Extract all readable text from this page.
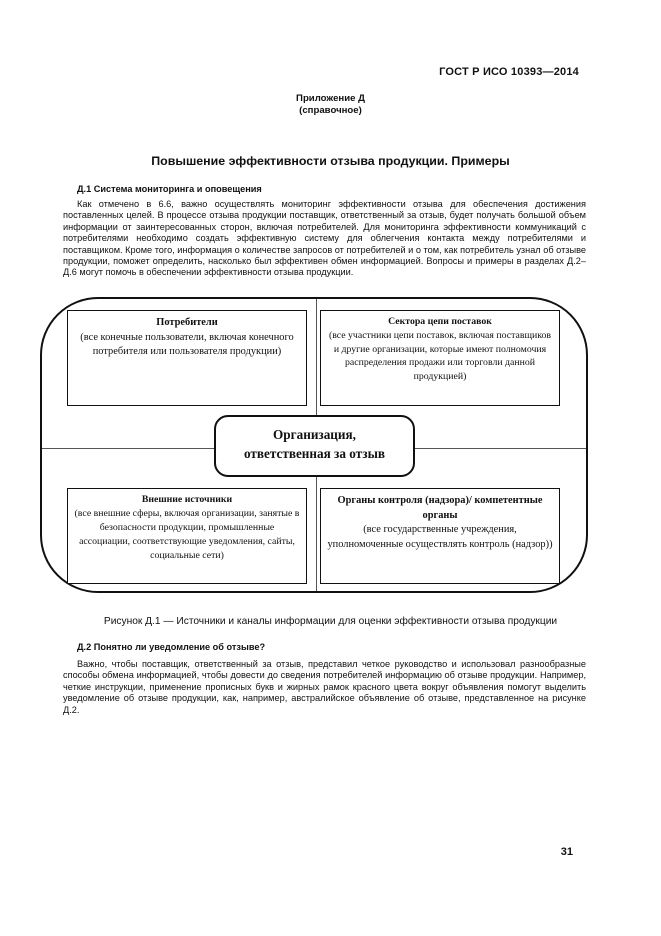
ГОСТ Р ИСО 10393—2014
Приложение Д
(справочное)
Повышение эффективности отзыва продукции. Примеры
Д.1 Система мониторинга и оповещения
Как отмечено в 6.6, важно осуществлять мониторинг эффективности отзыва для обеспечения достижения поставленных целей. В процессе отзыва продукции поставщик, ответственный за отзыв, будет получать большой объем информации от заинтересованных сторон, включая потребителей. Для мониторинга эффективности коммуникаций с потребителями необходимо создать эффективную систему для облегчения контакта между потребителями и поставщиком. Кроме того, информация о количестве запросов от потребителей и о том, как потребитель узнал об отзыве продукции, поможет определить, насколько был эффективен обмен информацией. Вопросы и примеры в разделах Д.2–Д.6 могут помочь в обеспечении эффективности отзыва продукции.
Потребители
(все конечные пользователи, включая конечного потребителя или пользователя продукции)
Сектора цепи поставок
(все участники цепи поставок, включая поставщиков и другие организации, которые имеют полномочия распределения продажи или торговли данной продукцией)
Внешние источники
(все внешние сферы, включая организации, занятые в безопасности продукции, промышленные ассоциации, соответствующие уведомления, сайты, социальные сети)
Органы контроля (надзора)/ компетентные органы
(все государственные учреждения, уполномоченные осуществлять контроль (надзор))
Организация,
ответственная за отзыв
Рисунок Д.1 — Источники и каналы информации для оценки эффективности отзыва продукции
Д.2 Понятно ли уведомление об отзыве?
Важно, чтобы поставщик, ответственный за отзыв, представил четкое руководство и использовал разнообразные способы обмена информацией, чтобы довести до сведения потребителей информацию об отзыве продукции. Например, четкие инструкции, применение прописных букв и жирных рамок красного цвета вокруг объявления помогут выделить уведомление об отзыве продукции, как, например, австралийское объявление об отзыве, представленное на рисунке Д.2.
31
